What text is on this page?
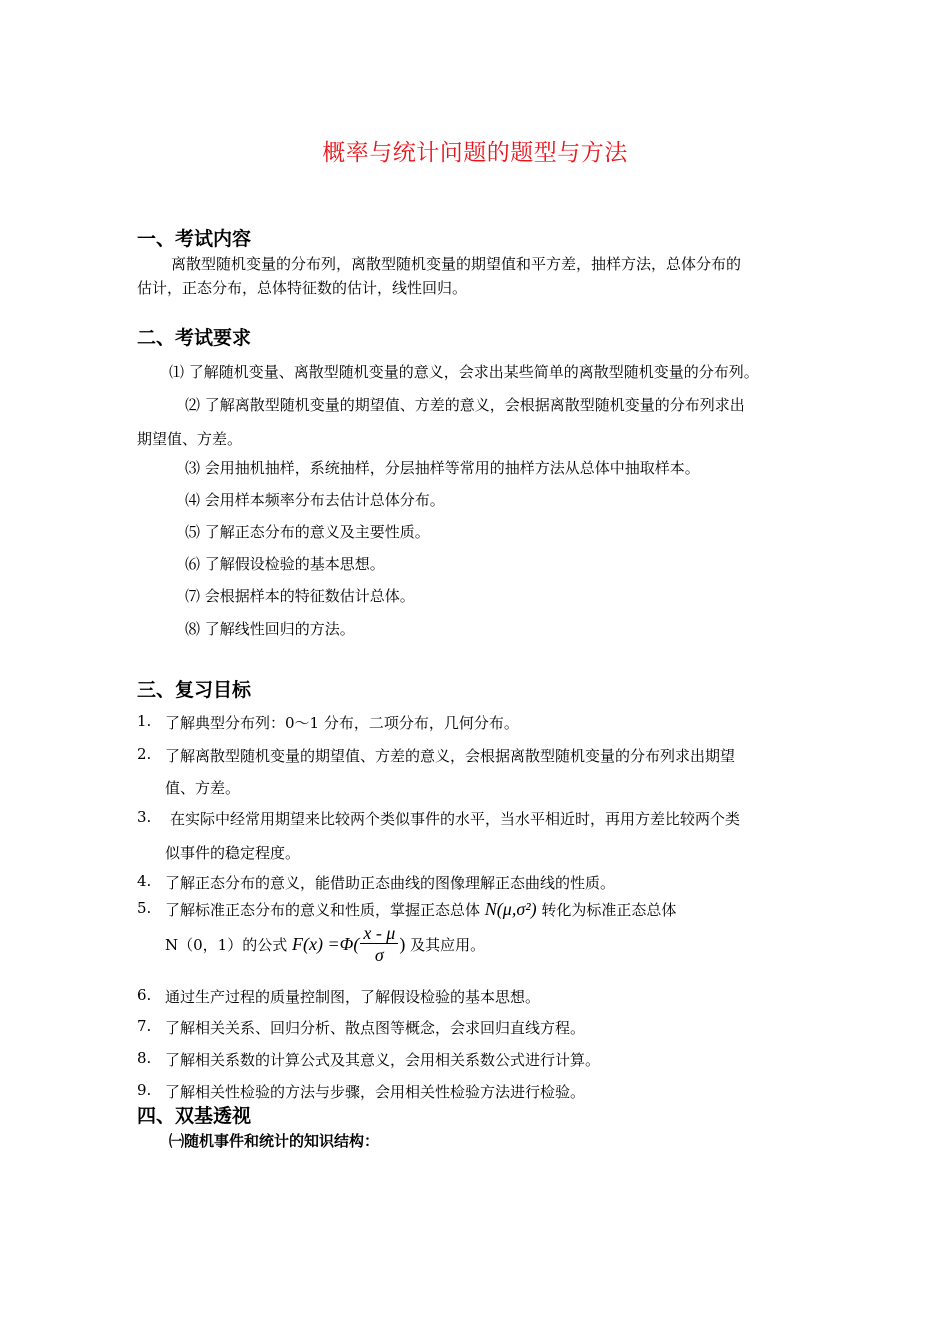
概率与统计问题的题型与方法
一、考试内容
离散型随机变量的分布列，离散型随机变量的期望值和平方差，抽样方法，总体分布的
估计，正态分布，总体特征数的估计，线性回归。
二、考试要求
⑴ 了解随机变量、离散型随机变量的意义，会求出某些简单的离散型随机变量的分布列。
⑵ 了解离散型随机变量的期望值、方差的意义，会根据离散型随机变量的分布列求出
期望值、方差。
⑶ 会用抽机抽样，系统抽样，分层抽样等常用的抽样方法从总体中抽取样本。
⑷ 会用样本频率分布去估计总体分布。
⑸ 了解正态分布的意义及主要性质。
⑹ 了解假设检验的基本思想。
⑺ 会根据样本的特征数估计总体。
⑻ 了解线性回归的方法。
三、复习目标
1. 了解典型分布列：0～1 分布，二项分布，几何分布。
2. 了解离散型随机变量的期望值、方差的意义，会根据离散型随机变量的分布列求出期望
值、方差。
3.	在实际中经常用期望来比较两个类似事件的水平，当水平相近时，再用方差比较两个类
似事件的稳定程度。
4. 了解正态分布的意义，能借助正态曲线的图像理解正态曲线的性质。
5. 了解标准正态分布的意义和性质，掌握正态总体 N(μ,σ²) 转化为标准正态总体
N（0，1）的公式 $F(x) =\Phi( \frac{x - \mu}{\sigma}$ ) 及其应用。
6. 通过生产过程的质量控制图，了解假设检验的基本思想。
7. 了解相关关系、回归分析、散点图等概念，会求回归直线方程。
8. 了解相关系数的计算公式及其意义，会用相关系数公式进行计算。
9. 了解相关性检验的方法与步骤，会用相关性检验方法进行检验。
四、双基透视
㈠随机事件和统计的知识结构：
